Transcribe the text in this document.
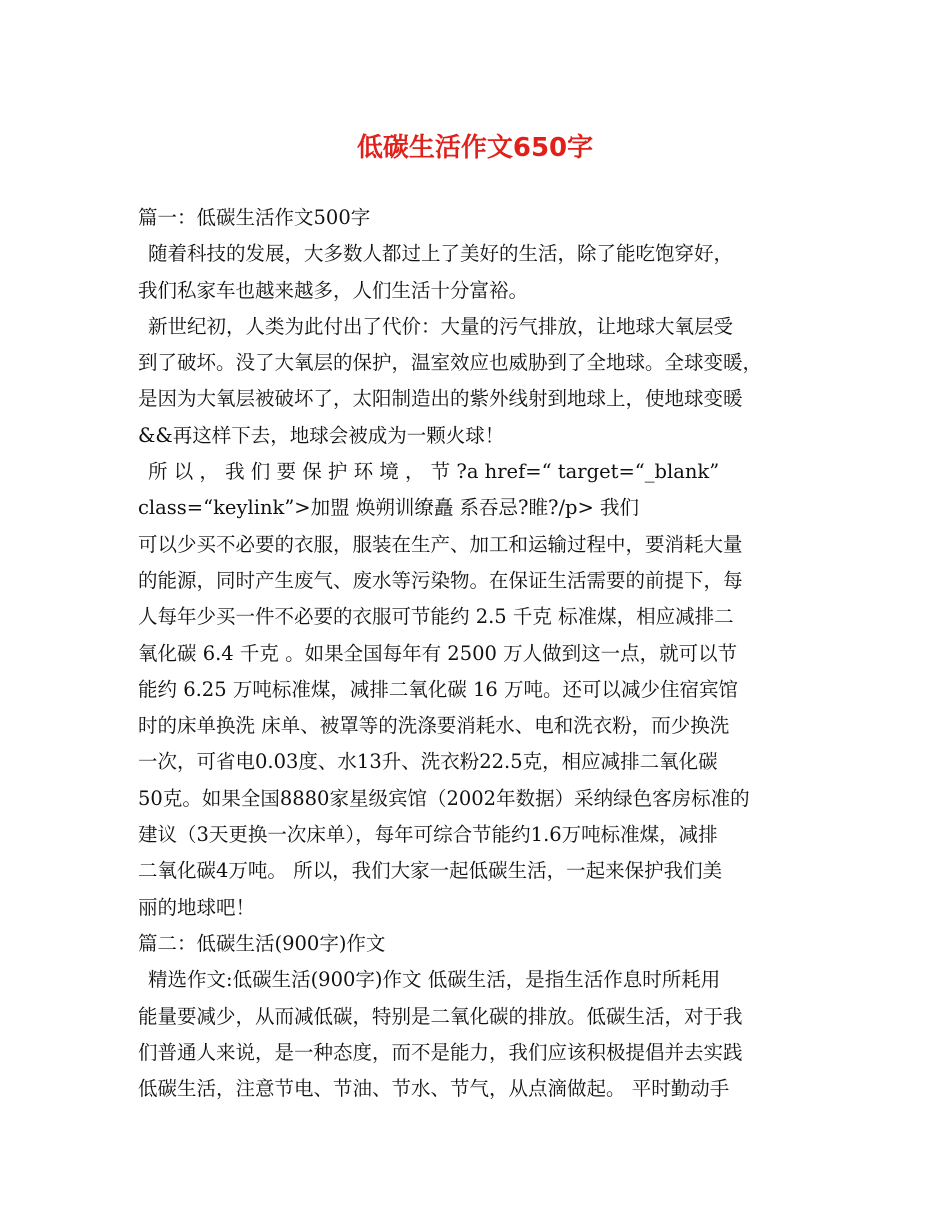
低碳生活作文650字
篇一：低碳生活作文500字
随着科技的发展，大多数人都过上了美好的生活，除了能吃饱穿好，
我们私家车也越来越多，人们生活十分富裕。
新世纪初，人类为此付出了代价：大量的污气排放，让地球大氧层受
到了破坏。没了大氧层的保护，温室效应也威胁到了全地球。全球变暖，
是因为大氧层被破坏了，太阳制造出的紫外线射到地球上，使地球变暖
&&再这样下去，地球会被成为一颗火球！
所 以 ， 我 们 要 保 护 环 境 ， 节 ?a href=“ target=“_blank”
class=“keylink”>加盟 焕朔训缭矗 系吞忌?睢?/p> 我们
可以少买不必要的衣服，服装在生产、加工和运输过程中，要消耗大量
的能源，同时产生废气、废水等污染物。在保证生活需要的前提下，每
人每年少买一件不必要的衣服可节能约 2.5 千克 标准煤，相应减排二
氧化碳 6.4 千克 。如果全国每年有 2500 万人做到这一点，就可以节
能约 6.25 万吨标准煤，减排二氧化碳 16 万吨。还可以减少住宿宾馆
时的床单换洗 床单、被罩等的洗涤要消耗水、电和洗衣粉，而少换洗
一次，可省电0.03度、水13升、洗衣粉22.5克，相应减排二氧化碳
50克。如果全国8880家星级宾馆（2002年数据）采纳绿色客房标准的
建议（3天更换一次床单），每年可综合节能约1.6万吨标准煤，减排
二氧化碳4万吨。 所以，我们大家一起低碳生活，一起来保护我们美
丽的地球吧！
篇二：低碳生活(900字)作文
精选作文:低碳生活(900字)作文 低碳生活，是指生活作息时所耗用
能量要减少，从而减低碳，特别是二氧化碳的排放。低碳生活，对于我
们普通人来说，是一种态度，而不是能力，我们应该积极提倡并去实践
低碳生活，注意节电、节油、节水、节气，从点滴做起。 平时勤动手
